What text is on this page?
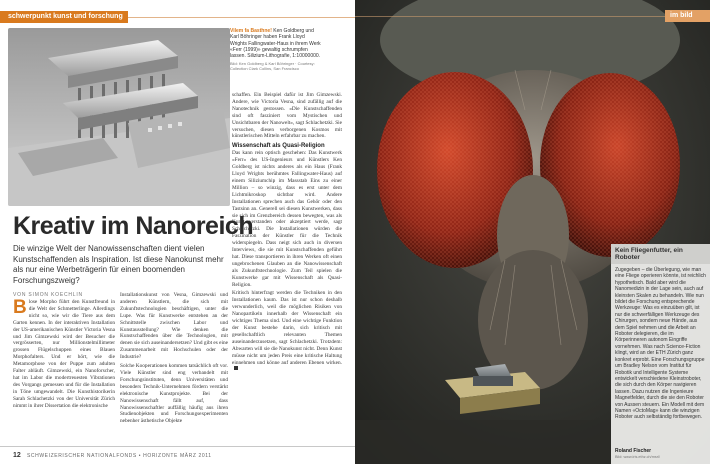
schwerpunkt kunst und forschung
Vilem fa Basthne! Ken Goldberg und Karl Böhringer haben Frank Lloyd Wrights Fallingwater-Haus in ihrem Werk «Ferr (1999)» gewaltig schrumpfen lassen. Silizium-Lithografie, 1:10000000.
Bild: Ken Goldberg & Karl Böhringer · Courtesy: Collection Clark Collins, San Francisco
Kreativ im Nanoreich
Die winzige Welt der Nanowissenschaften dient vielen Kunstschaffenden als Inspiration. Ist diese Nanokunst mehr als nur eine Werbeträgerin für einen boomenden Forschungszweig?
VON SIMON KOECHLIN
B lose Morpho führt den Kunstfreund in die Welt der Schmetterlinge. Allerdings nicht so, wie wir die Tiere aus dem Garten kennen. In der interaktiven Installation der US-amerikanischen Künstler Victoria Vesna und Jim Gimzewski wird der Besucher die vergrösserten, nur Millionstelmillimeter grossen Flügelschuppen eines Blauen Morphofalters. Und er hört, wie die Metamorphose von der Puppe zum adulten Falter abläuft. Gimzewski, ein Nanoforscher, hat im Labor die modertreuesten Vibrationen des Vorgangs gemessen und für die Installation in Töne umgewandelt. Die Kunsthistorikerin Sarah Schlachetzki von der Universität Zürich nimmt in ihrer Dissertation die elektronische

Installationskunst von Vesna, Gimzewski und anderen Künstlern, die sich mit Zukunftstechnologien beschäftigen, unter die Lupe. Was für Kunstwerke entstehen an der Schnittstelle zwischen Labor und Kunstausstellung? Wie denken die Kunstschaffenden über die Technologien, mit denen sie sich auseinandersetzen? Und gibt es eine Zusammenarbeit mit Hochschulen oder der Industrie?

Solche Kooperationen kommen tatsächlich oft vor. Viele Künstler sind eng verbandelt mit Forschungsinstituten, denn Universitäten und besonders Technik-Unternehmen fördern verstärkt elektronische Kunstprojekte. Bei der Nanowissenschaft fällt auf, dass Nanowissenschaftler auffällig häufig aus ihren Studienobjekten und Forschungsexperimenten nebenher ästhetische Objekte

schaffen. Ein Beispiel dafür ist Jim Gimzewski. Andere, wie Victoria Vesna, sind zufällig auf die Nanotechnik gestossen. «Die Kunstschaffenden sind oft fasziniert vom Mystischen und Unsichtbaren der Nanowelt», sagt Schlachetzki. Sie versuchen, diesen verborgenen Kosmos mit künstlerischen Mitteln erfahrbar zu machen.

Wissenschaft als Quasi-Religion

Das kann rein optisch geschehen: Das Kunstwerk «Ferr» des US-Ingenieurs und Künstlers Ken Goldberg ist nichts anderes als ein Haus (Frank Lloyd Wrights berühmtes Fallingwater-Haus) auf einem Siliziumchip im Massstab Eins zu einer Million – so winzig, dass es erst unter dem Lichtmikroskop sichtbar wird. Andere Installationen sprechen auch das Gehör oder den Tastsinn an. Generell sei diesen Kunstwerken, dass sie sich im Grenzbereich dessen bewegten, was als Kunst verstanden oder akzeptiert werde, sagt Schlachetzki. Die Installationen würden die Faszination der Künstler für die Technik widerspiegeln. Dass neigt sich auch in diversen Interviews, die sie mit Kunstschaffenden geführt hat. Diese transportieren in ihren Werken oft einen ungebrochenen Glauben an die Nanowissenschaft als Zukunftstechnologie. Zum Teil spielen die Kunstwerke gar mit Wissenschaft als Quasi-Religion.

Kritisch hinterfragt werden die Techniken in den Installationen kaum. Das ist nur schon deshalb verwunderlich, weil die möglichen Risiken von Nanopartikeln innerhalb der Wissenschaft ein wichtiges Thema sind. Und eine wichtige Funktion der Kunst bestehe darin, sich kritisch mit gesellschaftlich relevanten Themen auseinanderzusetzen, sagt Schlachetzki. Trotzdem: Abwarten will sie die Nanokunst nicht. Denn Kunst müsse nicht um jeden Preis eine kritische Haltung einnehmen und könne auf anderen Ebenen wirken.

12 SCHWEIZERISCHER NATIONALFONDS • HORIZONTE MÄRZ 2011
im bild
Kein Fliegenfutter, ein Roboter
Zugegeben – die Überlegung, wie man eine Fliege operieren könnte, ist reichlich hypothetisch. Bald aber wird die Nanomedizin in der Lage sein, auch auf kleinsten Skalen zu behandeln. Wie nun bildet die Forschung entsprechende Werkzeuge: Was es einzuüben gilt, ist nur die schwerfälligen Werkzeuge des Chirurgen, sondern neue Hände, aus dem Spiel nehmen und die Arbeit an Roboter delegieren, die im Körperinneren autonom Eingriffe vornehmen. Was nach Science-Fiction klingt, wird an der ETH Zürich ganz konkret erprobt. Eine Forschungsgruppe um Bradley Nelson vom Institut für Robotik und Intelligente Systeme entwickelt verschiedene Kleinstroboter, die sich durch den Körper navigieren lassen. Dazu nutzen die Ingenieure Magnetfelder, durch die sie den Roboter von Aussen steuern. Ein Modell mit dem Namen «OctoMag» kann die winzigen Roboter auch selbständig fortbewegen.
Roland Fischer
Bild: www.iris.ethz.ch/msrl/
